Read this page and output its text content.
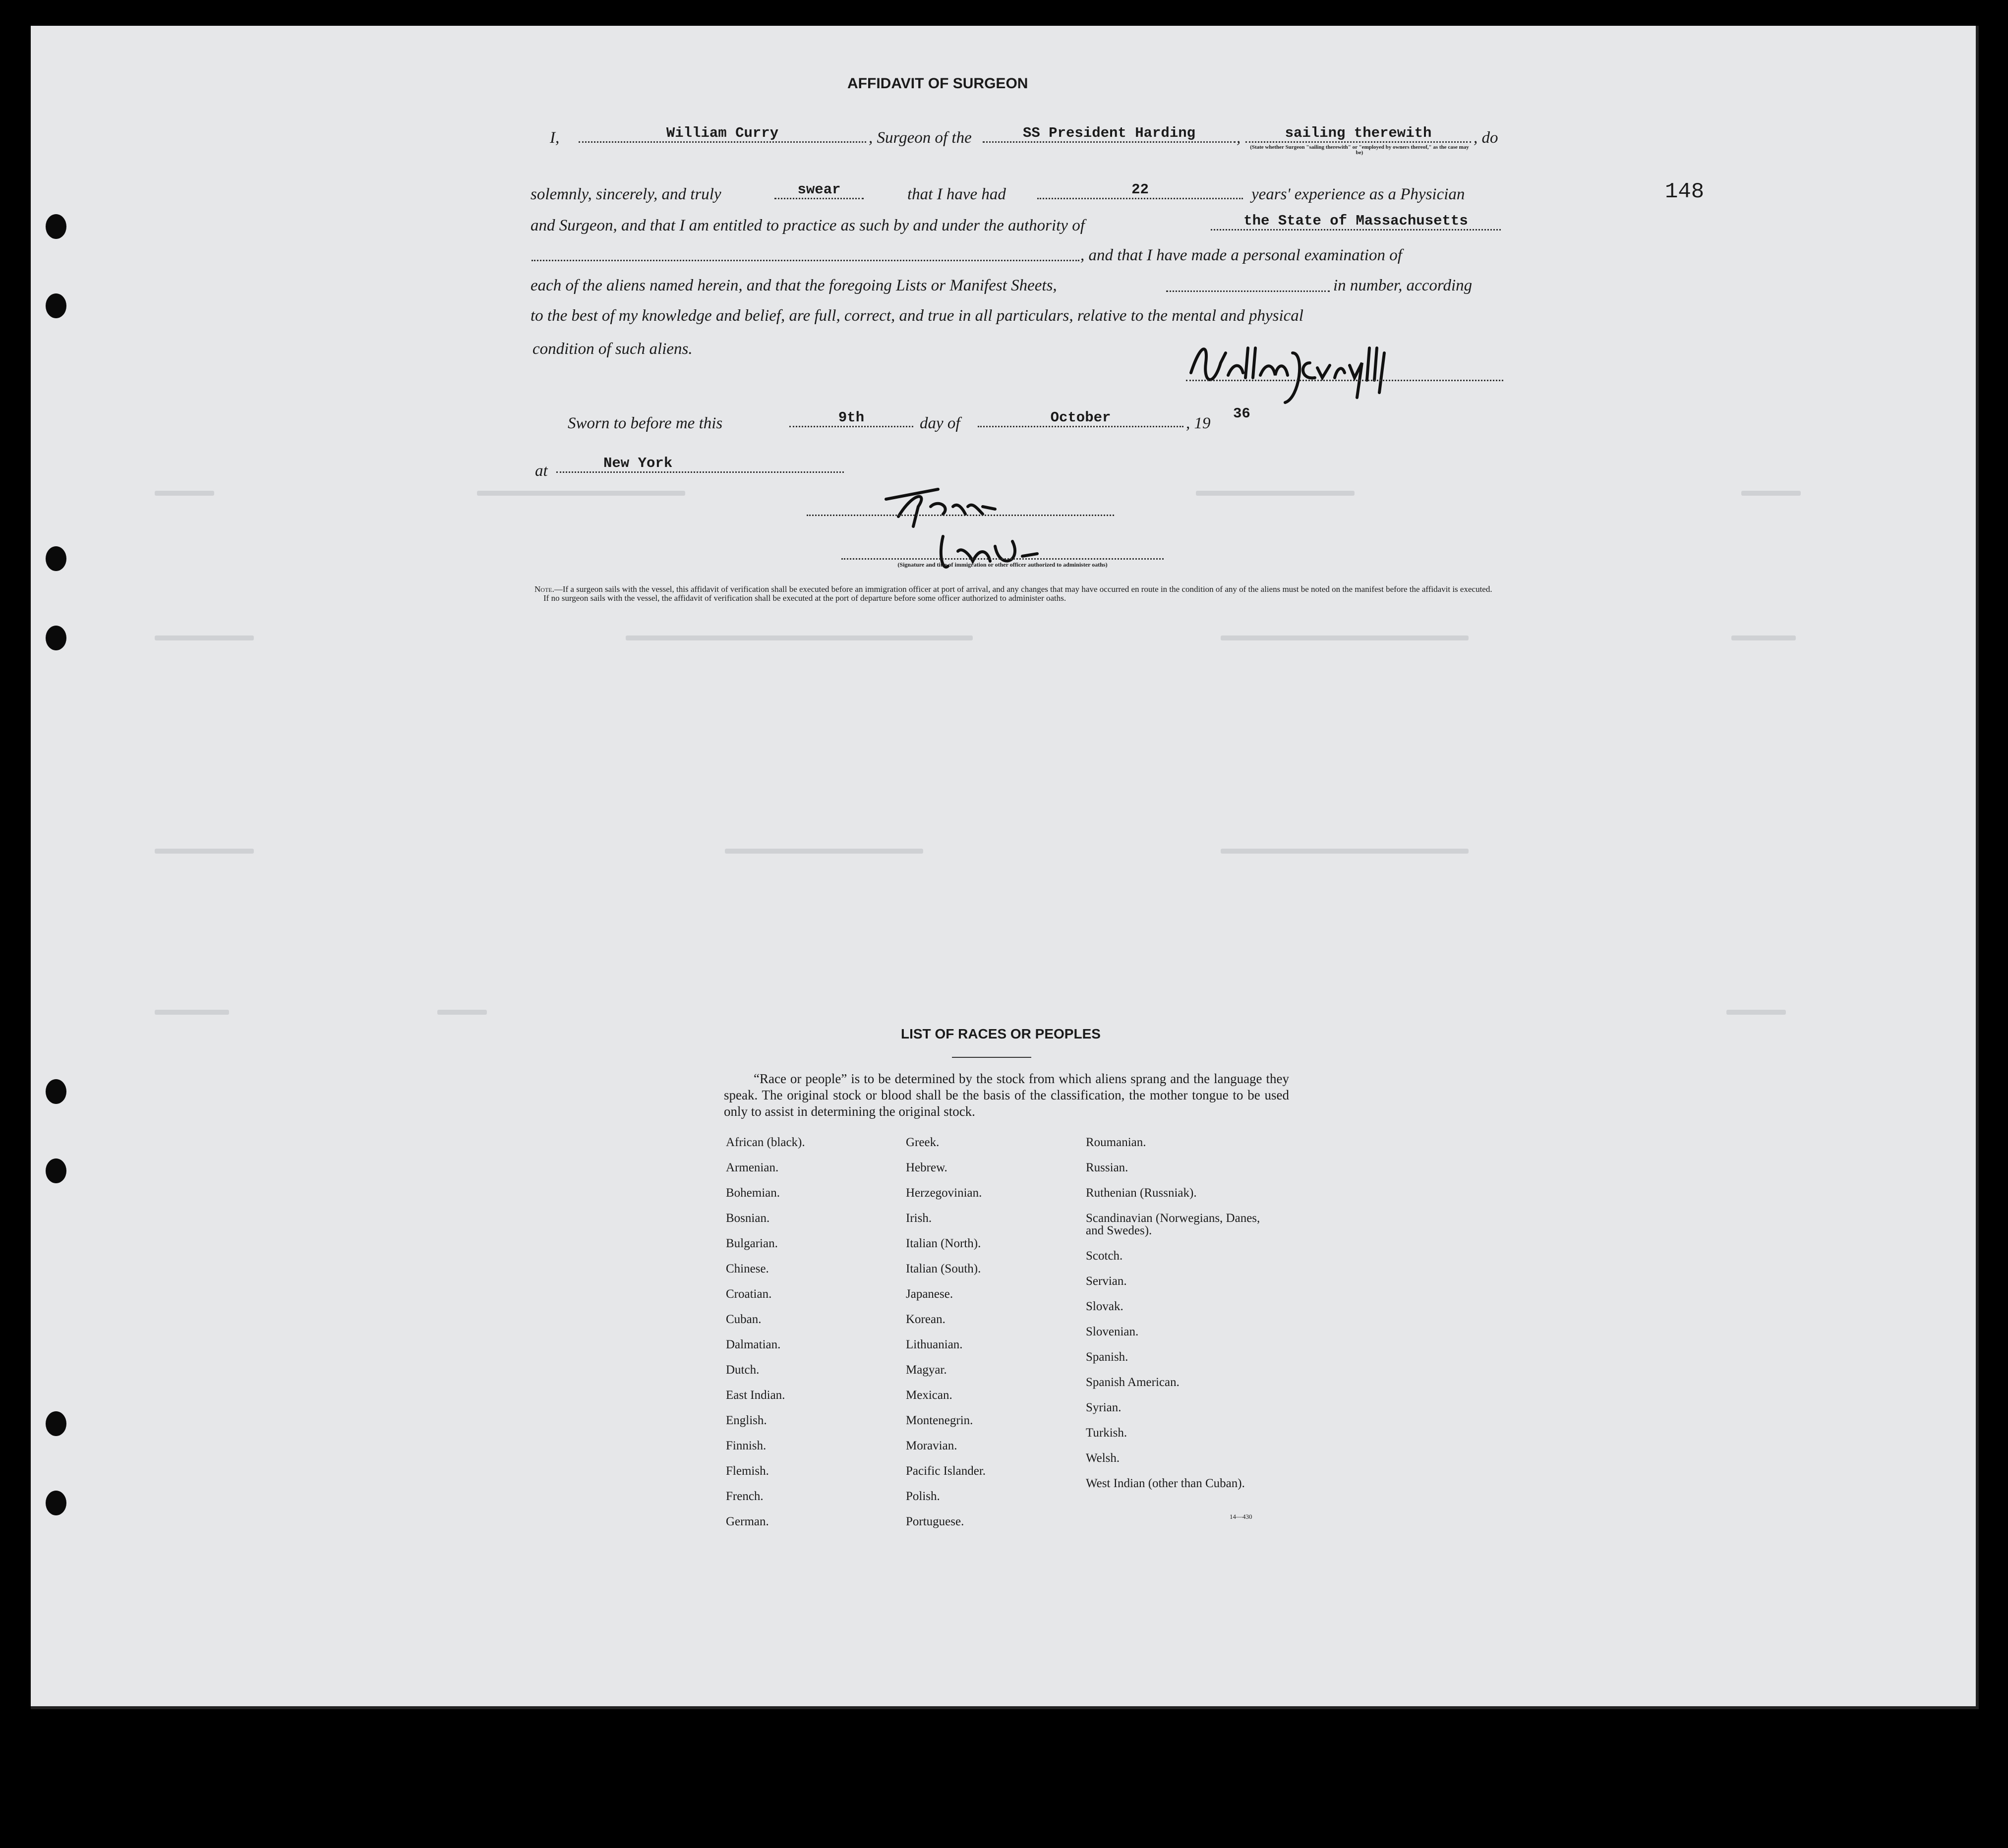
148
AFFIDAVIT OF SURGEON
I,	William Curry	, Surgeon of the	SS President Harding	,	sailing therewith	, do
(State whether Surgeon "sailing therewith" or "employed by owners thereof," as the case may be)
solemnly, sincerely, and truly	swear	that I have had	22	years' experience as a Physician
and Surgeon, and that I am entitled to practice as such by and under the authority of	the State of Massachusetts
, and that I have made a personal examination of
each of the aliens named herein, and that the foregoing Lists or Manifest Sheets,	in number, according
to the best of my knowledge and belief, are full, correct, and true in all particulars, relative to the mental and physical
condition of such aliens.
Sworn to before me this	9th	day of	October	, 19
36
at	New York
(Signature and title of immigration or other officer authorized to administer oaths)
Note.—If a surgeon sails with the vessel, this affidavit of verification shall be executed before an immigration officer at port of arrival, and any changes that may have occurred en route in the condition of any of the aliens must be noted on the manifest before the affidavit is executed.
If no surgeon sails with the vessel, the affidavit of verification shall be executed at the port of departure before some officer authorized to administer oaths.
LIST OF RACES OR PEOPLES
“Race or people” is to be determined by the stock from which aliens sprang and the language they speak. The original stock or blood shall be the basis of the classification, the mother tongue to be used only to assist in determining the original stock.
African (black).
Armenian.
Bohemian.
Bosnian.
Bulgarian.
Chinese.
Croatian.
Cuban.
Dalmatian.
Dutch.
East Indian.
English.
Finnish.
Flemish.
French.
German.
Greek.
Hebrew.
Herzegovinian.
Irish.
Italian (North).
Italian (South).
Japanese.
Korean.
Lithuanian.
Magyar.
Mexican.
Montenegrin.
Moravian.
Pacific Islander.
Polish.
Portuguese.
Roumanian.
Russian.
Ruthenian (Russniak).
Scandinavian (Norwegians, Danes, and Swedes).
Scotch.
Servian.
Slovak.
Slovenian.
Spanish.
Spanish American.
Syrian.
Turkish.
Welsh.
West Indian (other than Cuban).
14—430
